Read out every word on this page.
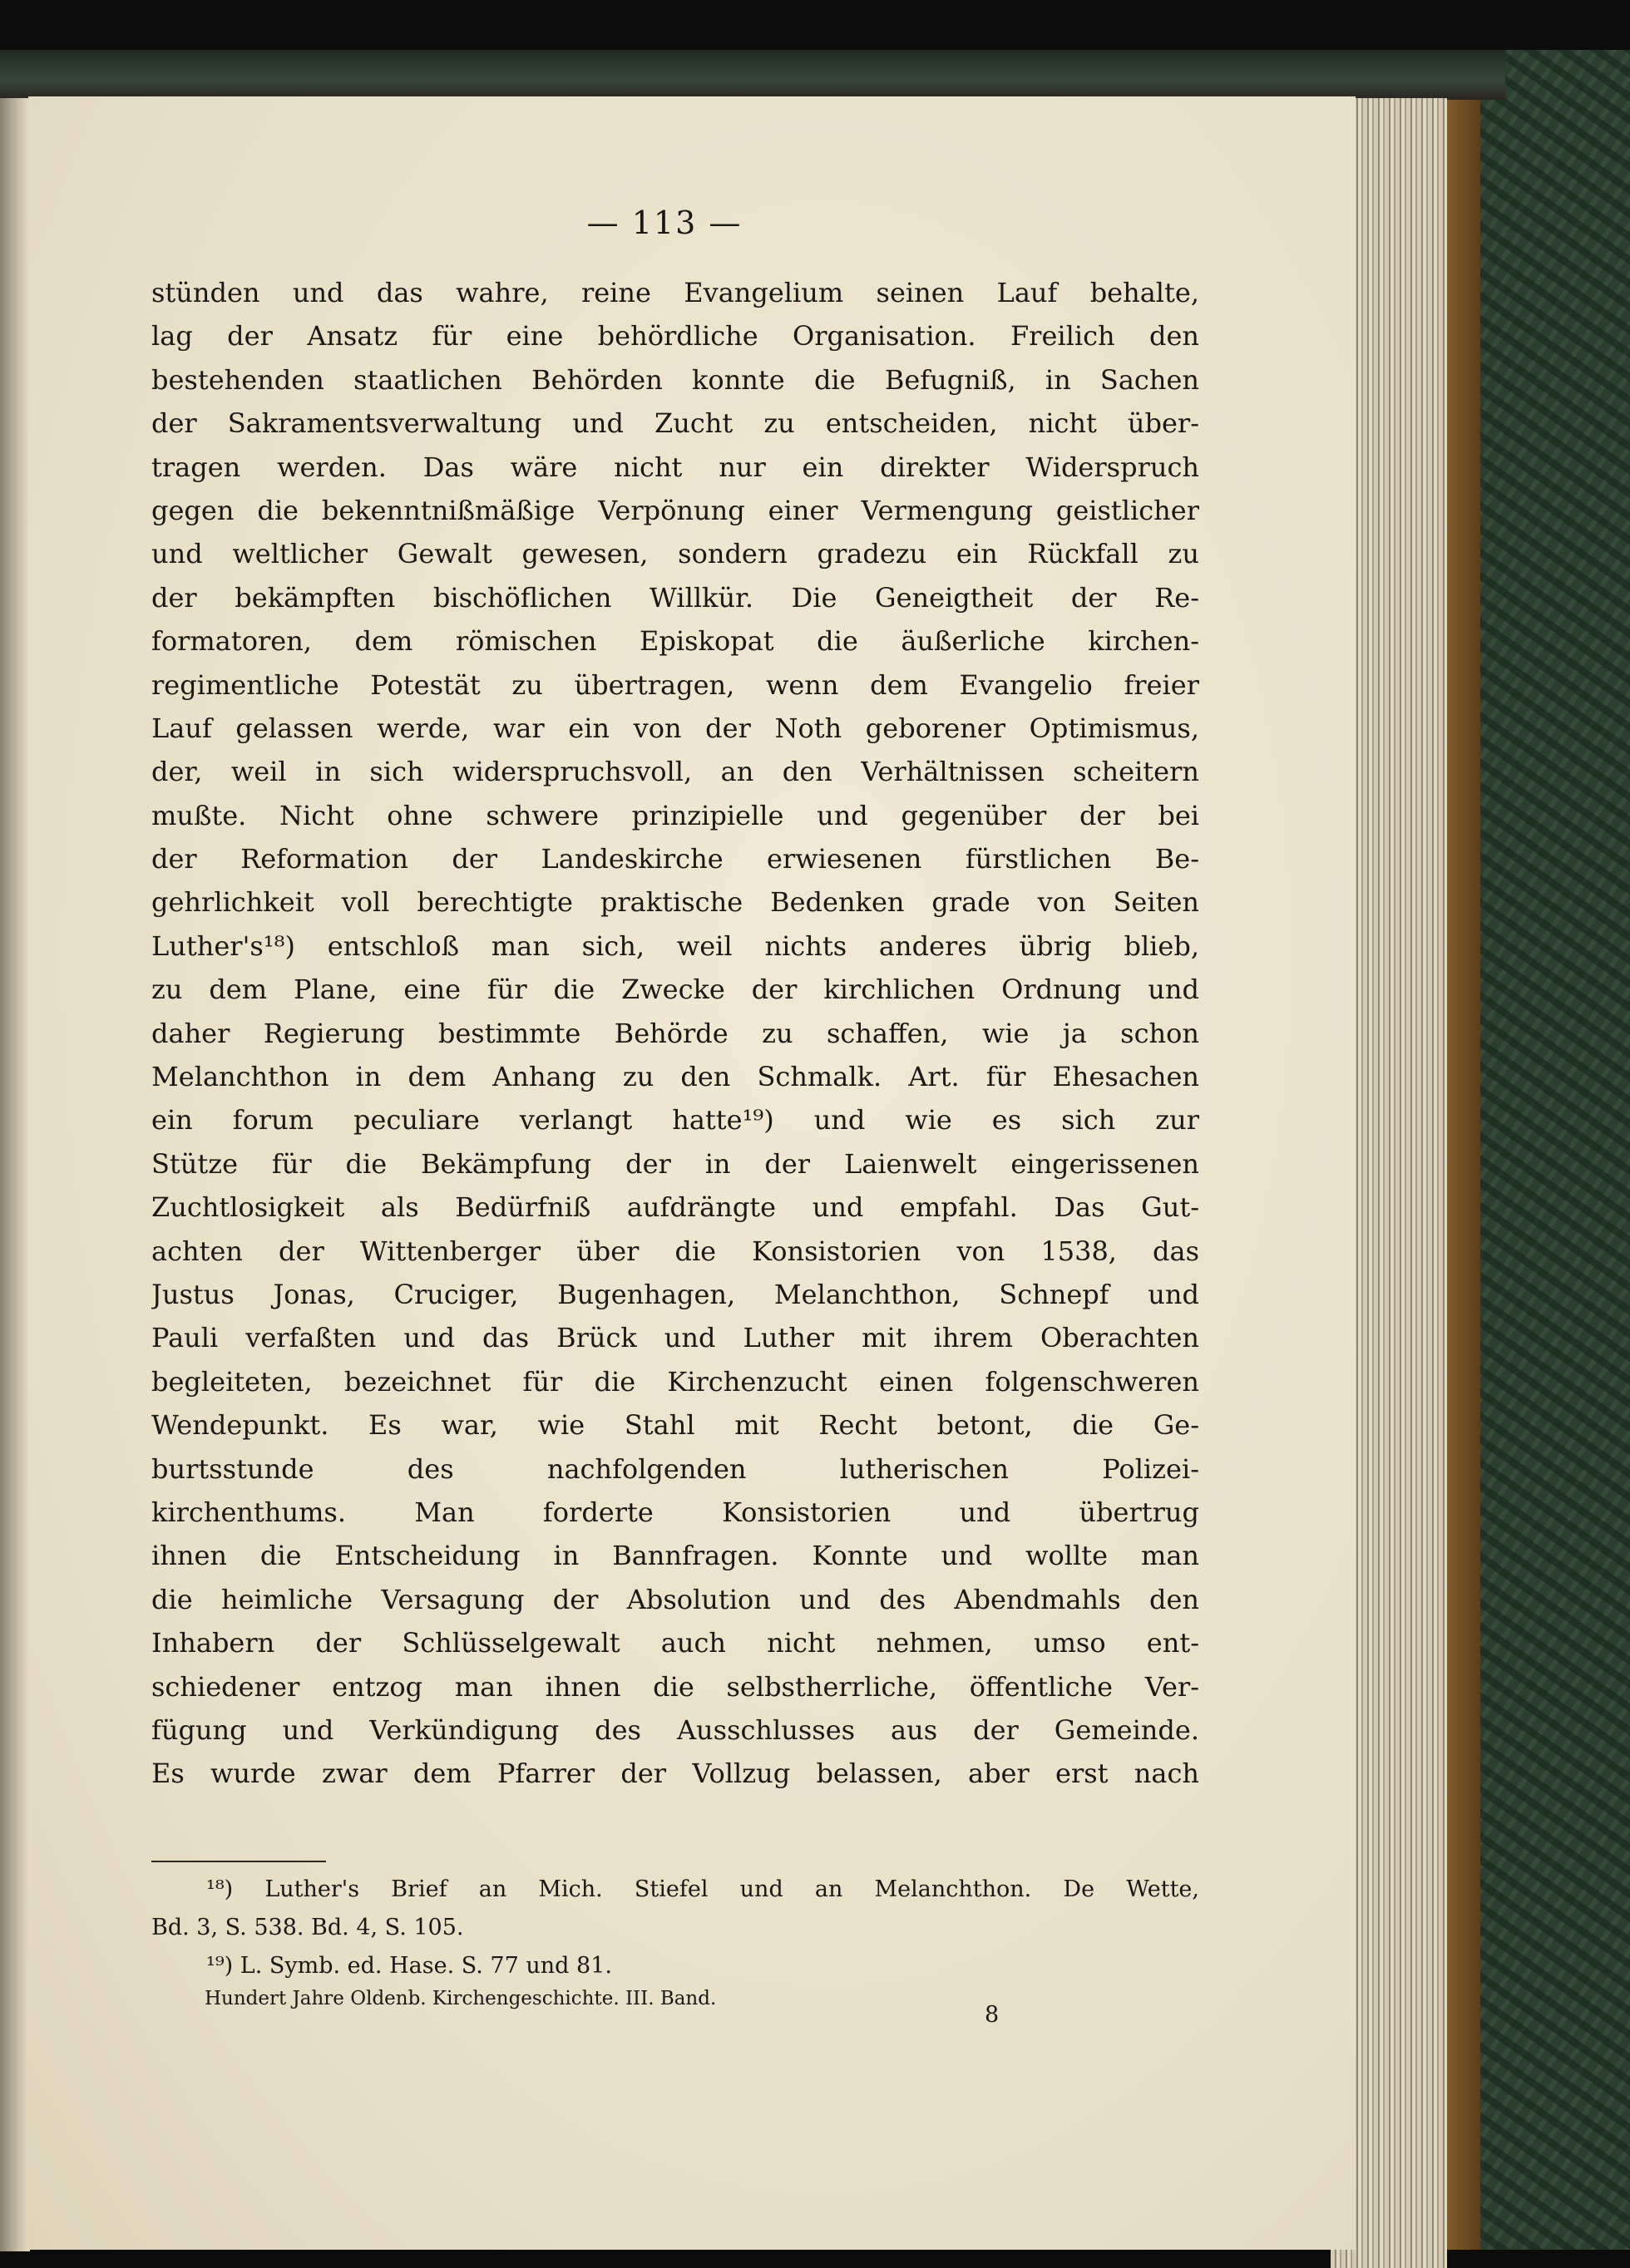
— 113 —
stünden und das wahre, reine Evangelium seinen Lauf behalte,
lag der Ansatz für eine behördliche Organisation. Freilich den
bestehenden staatlichen Behörden konnte die Befugniß, in Sachen
der Sakramentsverwaltung und Zucht zu entscheiden, nicht über-
tragen werden. Das wäre nicht nur ein direkter Widerspruch
gegen die bekenntnißmäßige Verpönung einer Vermengung geistlicher
und weltlicher Gewalt gewesen, sondern gradezu ein Rückfall zu
der bekämpften bischöflichen Willkür. Die Geneigtheit der Re-
formatoren, dem römischen Episkopat die äußerliche kirchen-
regimentliche Potestät zu übertragen, wenn dem Evangelio freier
Lauf gelassen werde, war ein von der Noth geborener Optimismus,
der, weil in sich widerspruchsvoll, an den Verhältnissen scheitern
mußte. Nicht ohne schwere prinzipielle und gegenüber der bei
der Reformation der Landeskirche erwiesenen fürstlichen Be-
gehrlichkeit voll berechtigte praktische Bedenken grade von Seiten
Luther's¹⁸) entschloß man sich, weil nichts anderes übrig blieb,
zu dem Plane, eine für die Zwecke der kirchlichen Ordnung und
daher Regierung bestimmte Behörde zu schaffen, wie ja schon
Melanchthon in dem Anhang zu den Schmalk. Art. für Ehesachen
ein forum peculiare verlangt hatte¹⁹) und wie es sich zur
Stütze für die Bekämpfung der in der Laienwelt eingerissenen
Zuchtlosigkeit als Bedürfniß aufdrängte und empfahl. Das Gut-
achten der Wittenberger über die Konsistorien von 1538, das
Justus Jonas, Cruciger, Bugenhagen, Melanchthon, Schnepf und
Pauli verfaßten und das Brück und Luther mit ihrem Oberachten
begleiteten, bezeichnet für die Kirchenzucht einen folgenschweren
Wendepunkt. Es war, wie Stahl mit Recht betont, die Ge-
burtsstunde des nachfolgenden lutherischen Polizei-
kirchenthums. Man forderte Konsistorien und übertrug
ihnen die Entscheidung in Bannfragen. Konnte und wollte man
die heimliche Versagung der Absolution und des Abendmahls den
Inhabern der Schlüsselgewalt auch nicht nehmen, umso ent-
schiedener entzog man ihnen die selbstherrliche, öffentliche Ver-
fügung und Verkündigung des Ausschlusses aus der Gemeinde.
Es wurde zwar dem Pfarrer der Vollzug belassen, aber erst nach
¹⁸) Luther's Brief an Mich. Stiefel und an Melanchthon. De Wette,
Bd. 3, S. 538. Bd. 4, S. 105.
¹⁹) L. Symb. ed. Hase. S. 77 und 81.
Hundert Jahre Oldenb. Kirchengeschichte. III. Band.
8
